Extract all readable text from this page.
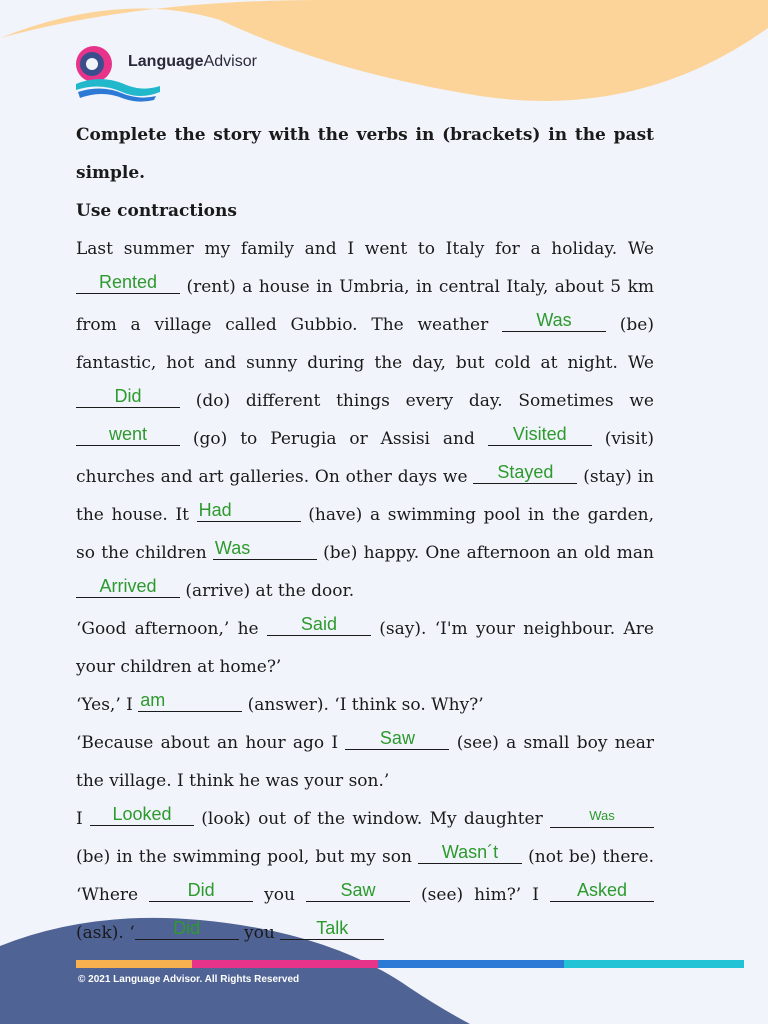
LanguageAdvisor

Complete the story with the verbs in (brackets) in the past simple.

Use contractions

Last summer my family and I went to Italy for a holiday. We Rented (rent) a house in Umbria, in central Italy, about 5 km from a village called Gubbio. The weather Was (be) fantastic, hot and sunny during the day, but cold at night. We Did (do) different things every day. Sometimes we went (go) to Perugia or Assisi and Visited (visit) churches and art galleries. On other days we Stayed (stay) in the house. It Had	(have) a swimming pool in the garden, so the children Was	(be) happy. One afternoon an old man Arrived (arrive) at the door.

‘Good afternoon,’ he Said (say). ‘I'm your neighbour. Are your children at home?’

‘Yes,’ I am	(answer). ‘I think so. Why?’

‘Because about an hour ago I Saw (see) a small boy near the village. I think he was your son.’

I Looked (look) out of the window. My daughter	Was (be) in the swimming pool, but my son Wasn´t (not be) there. ‘Where Did you Saw (see) him?’ I Asked (ask). ‘ Did you Talk

© 2021 Language Advisor. All Rights Reserved
